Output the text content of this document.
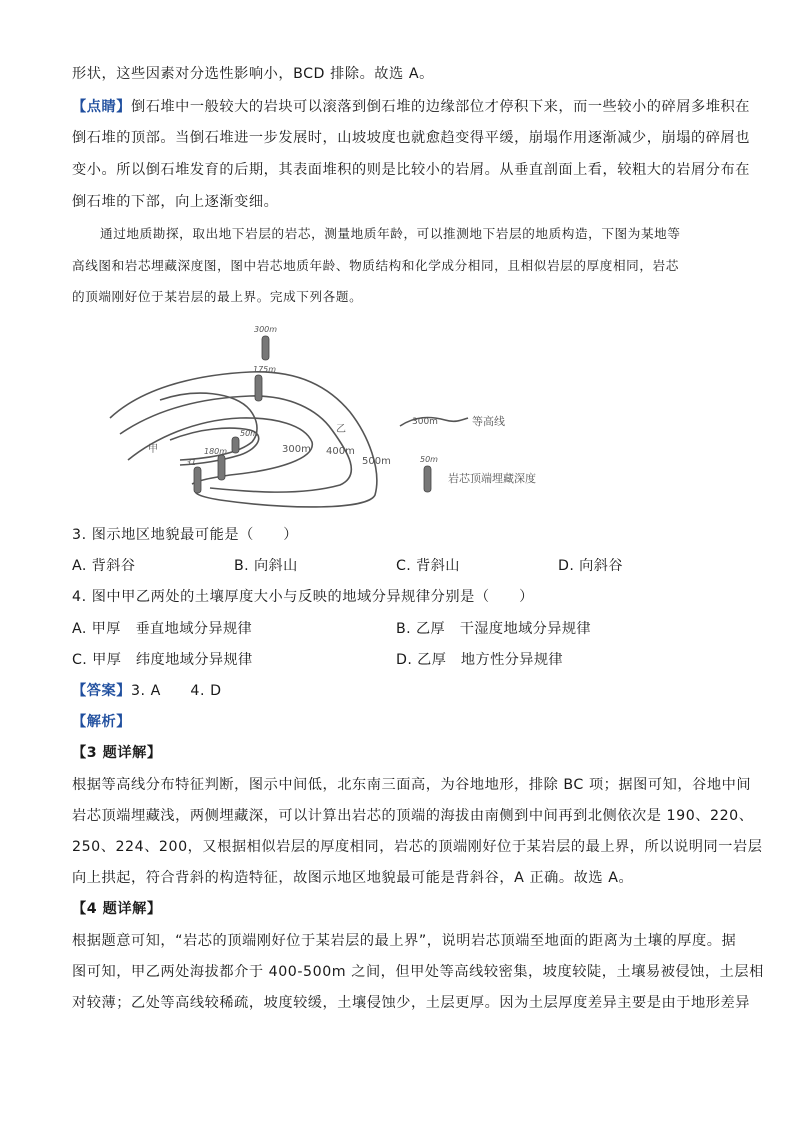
形状，这些因素对分选性影响小，BCD 排除。故选 A。
【点睛】倒石堆中一般较大的岩块可以滚落到倒石堆的边缘部位才停积下来，而一些较小的碎屑多堆积在
倒石堆的顶部。当倒石堆进一步发展时，山坡坡度也就愈趋变得平缓，崩塌作用逐渐减少，崩塌的碎屑也
变小。所以倒石堆发育的后期，其表面堆积的则是比较小的岩屑。从垂直剖面上看，较粗大的岩屑分布在
倒石堆的下部，向上逐渐变细。
通过地质勘探，取出地下岩层的岩芯，测量地质年龄，可以推测地下岩层的地质构造，下图为某地等
高线图和岩芯埋藏深度图，图中岩芯地质年龄、物质结构和化学成分相同，且相似岩层的厚度相同，岩芯
的顶端刚好位于某岩层的最上界。完成下列各题。
300m
175m
50m
180m
31
甲
乙
300m 400m
500m
300m	等高线
50m
岩芯顶端埋藏深度
3. 图示地区地貌最可能是（　　）
A. 背斜谷	B. 向斜山	C. 背斜山	D. 向斜谷
4. 图中甲乙两处的土壤厚度大小与反映的地域分异规律分别是（　　）
A. 甲厚　垂直地域分异规律	B. 乙厚　干湿度地域分异规律
C. 甲厚　纬度地域分异规律	D. 乙厚　地方性分异规律
【答案】3. A　　4. D
【解析】
【3 题详解】
根据等高线分布特征判断，图示中间低，北东南三面高，为谷地地形，排除 BC 项；据图可知，谷地中间
岩芯顶端埋藏浅，两侧埋藏深，可以计算出岩芯的顶端的海拔由南侧到中间再到北侧依次是 190、220、
250、224、200，又根据相似岩层的厚度相同，岩芯的顶端刚好位于某岩层的最上界，所以说明同一岩层
向上拱起，符合背斜的构造特征，故图示地区地貌最可能是背斜谷，A 正确。故选 A。
【4 题详解】
根据题意可知，“岩芯的顶端刚好位于某岩层的最上界”，说明岩芯顶端至地面的距离为土壤的厚度。据
图可知，甲乙两处海拔都介于 400-500m 之间，但甲处等高线较密集，坡度较陡，土壤易被侵蚀，土层相
对较薄；乙处等高线较稀疏，坡度较缓，土壤侵蚀少，土层更厚。因为土层厚度差异主要是由于地形差异
